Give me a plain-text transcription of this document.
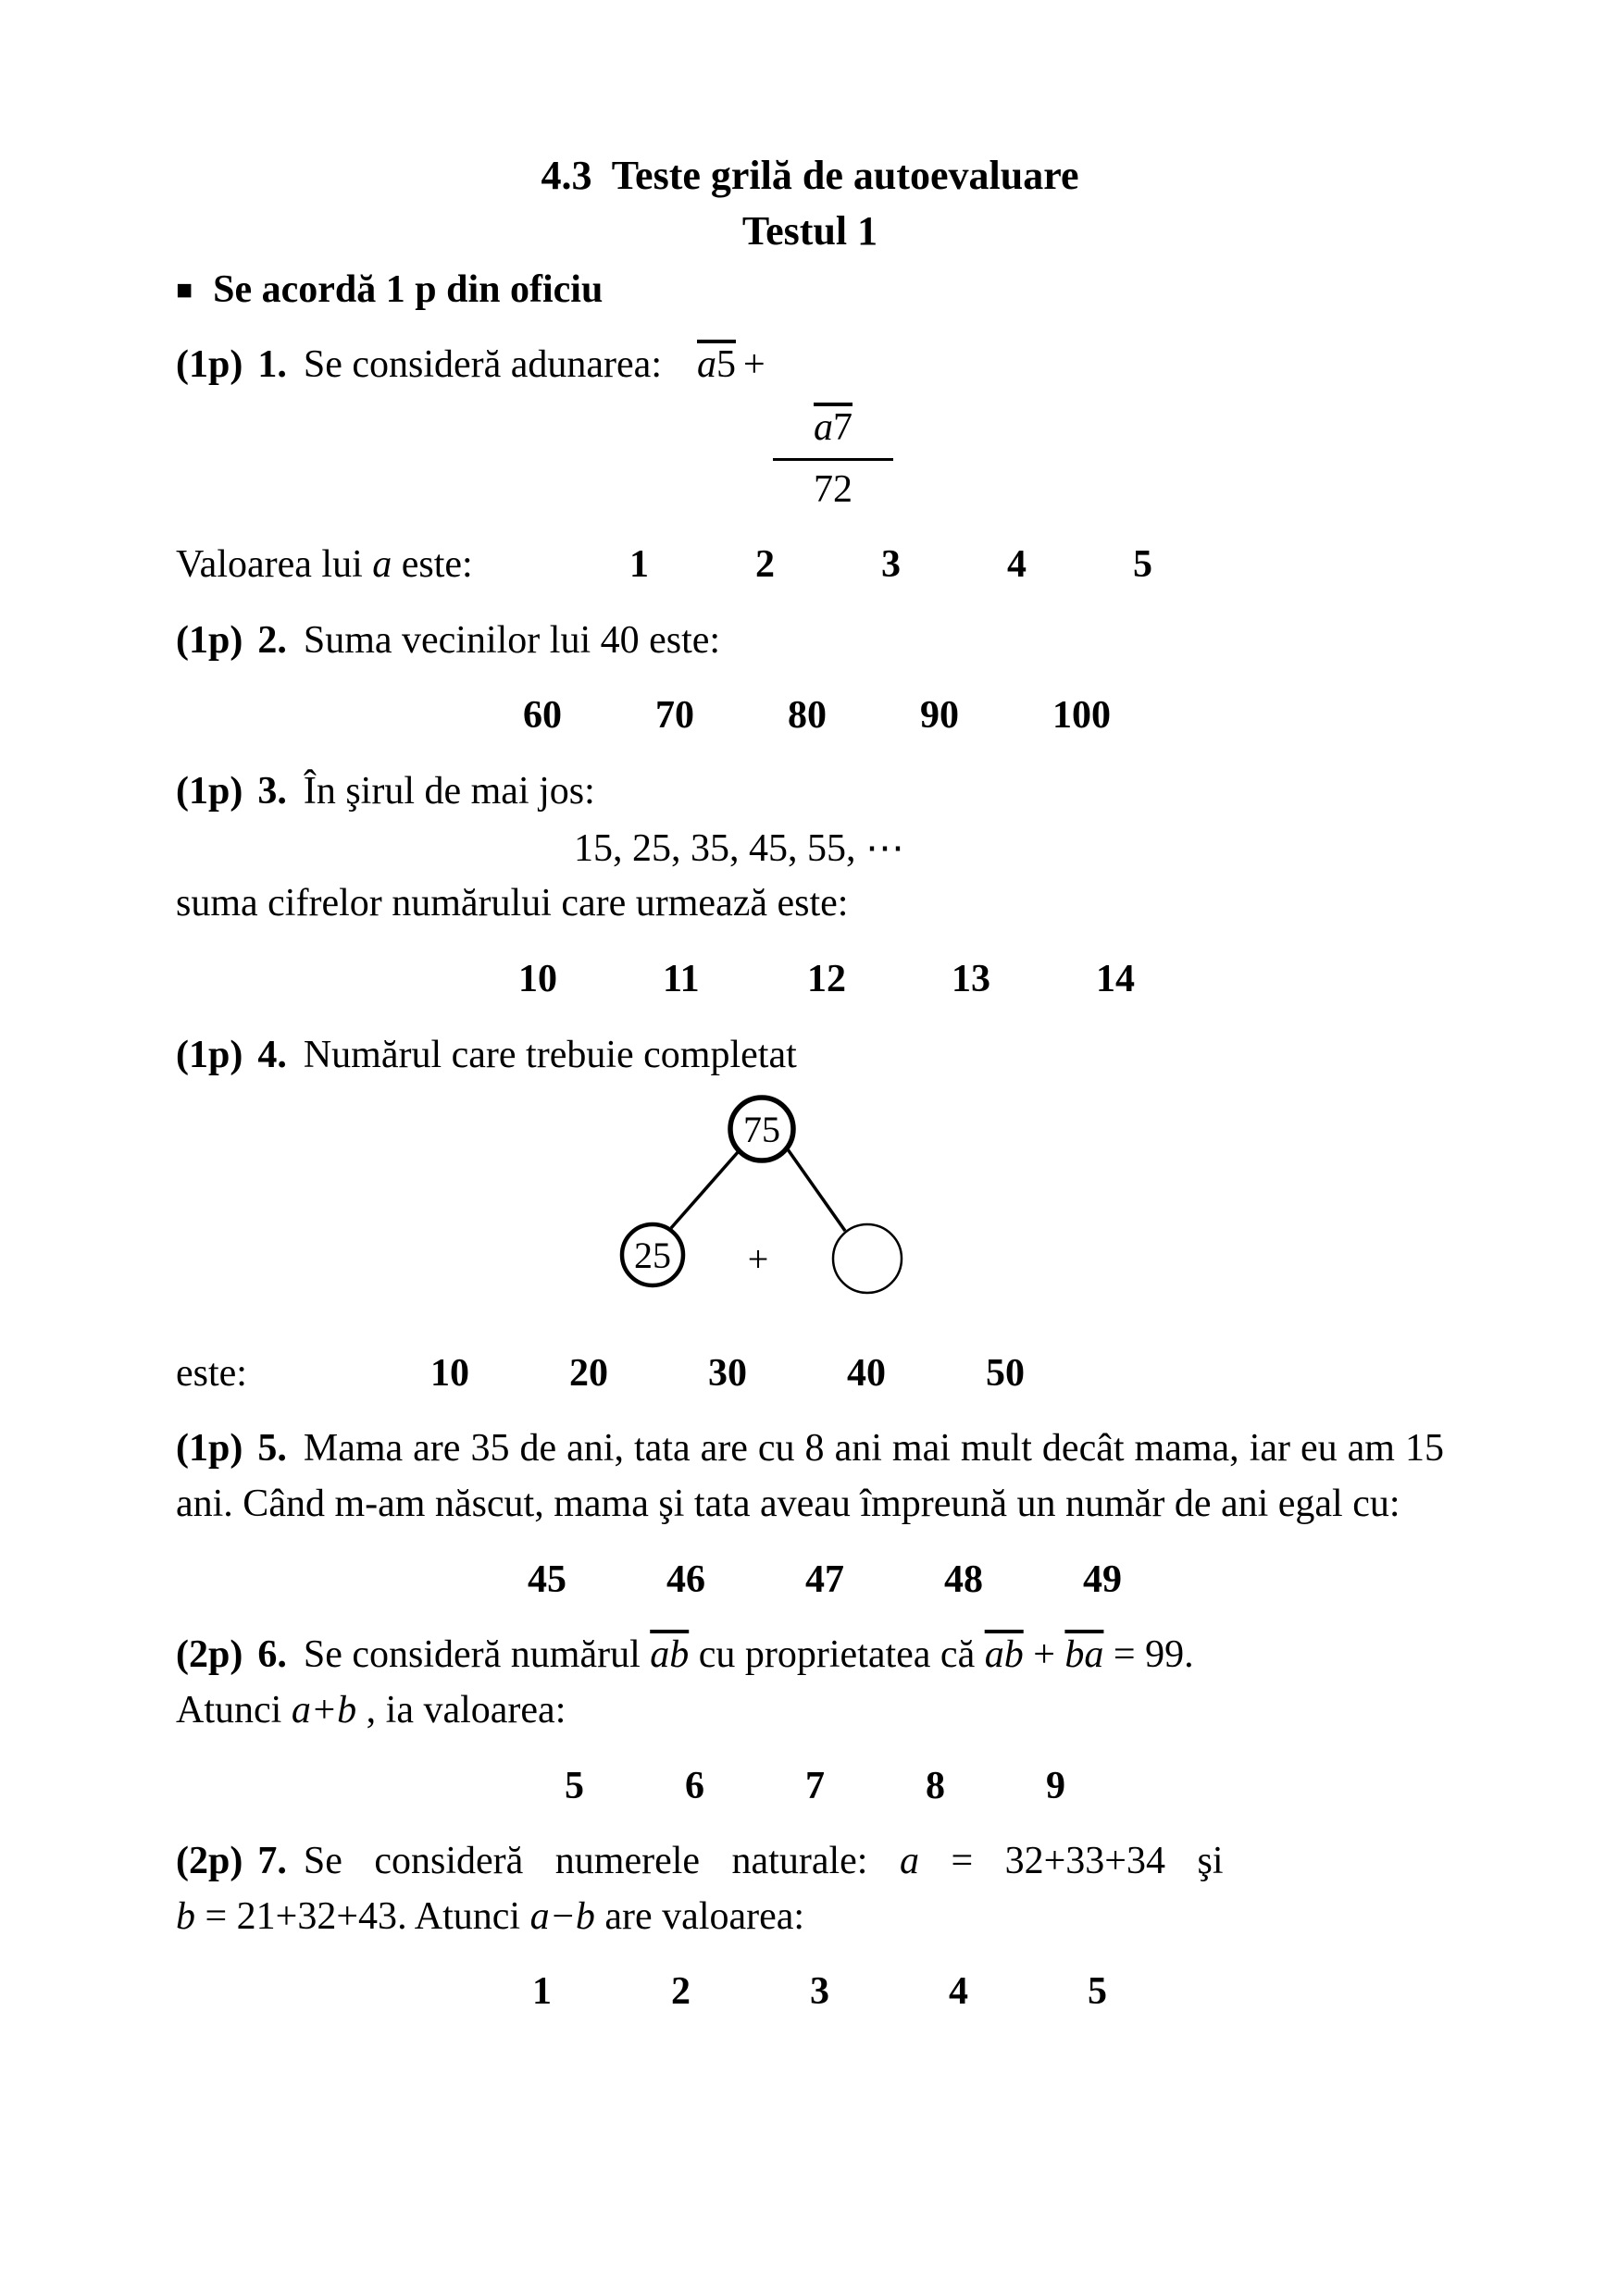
4.3  Teste grilă de autoevaluare
Testul 1

■ Se acordă 1 p din oficiu

(1p) 1. Se consideră adunarea: a5 +

a7
72
Valoarea lui a este:	1	2	3	4	5

(1p) 2. Suma vecinilor lui 40 este:

60	70	80	90	100

(1p) 3. În şirul de mai jos:

15, 25, 35, 45, 55, ⋯

suma cifrelor numărului care urmează este:

10	11	12	13	14

(1p) 4. Numărul care trebuie completat

75
25 +
este:	10	20	30	40	50

(1p) 5. Mama are 35 de ani, tata are cu 8 ani mai mult decât mama, iar eu am 15 ani. Când m-am născut, mama şi tata aveau împreună un număr de ani egal cu:

45	46	47	48	49

(2p) 6. Se consideră numărul $\overline{ab}$ cu proprietatea că $\overline{ab} + \overline{ba} = 99$.

Atunci a+b , ia valoarea:

5	6	7	8	9

(2p) 7. Se consideră numerele naturale: a = 32+33+34 şi

b = 21+32+43. Atunci a−b are valoarea:

1	2	3	4	5
